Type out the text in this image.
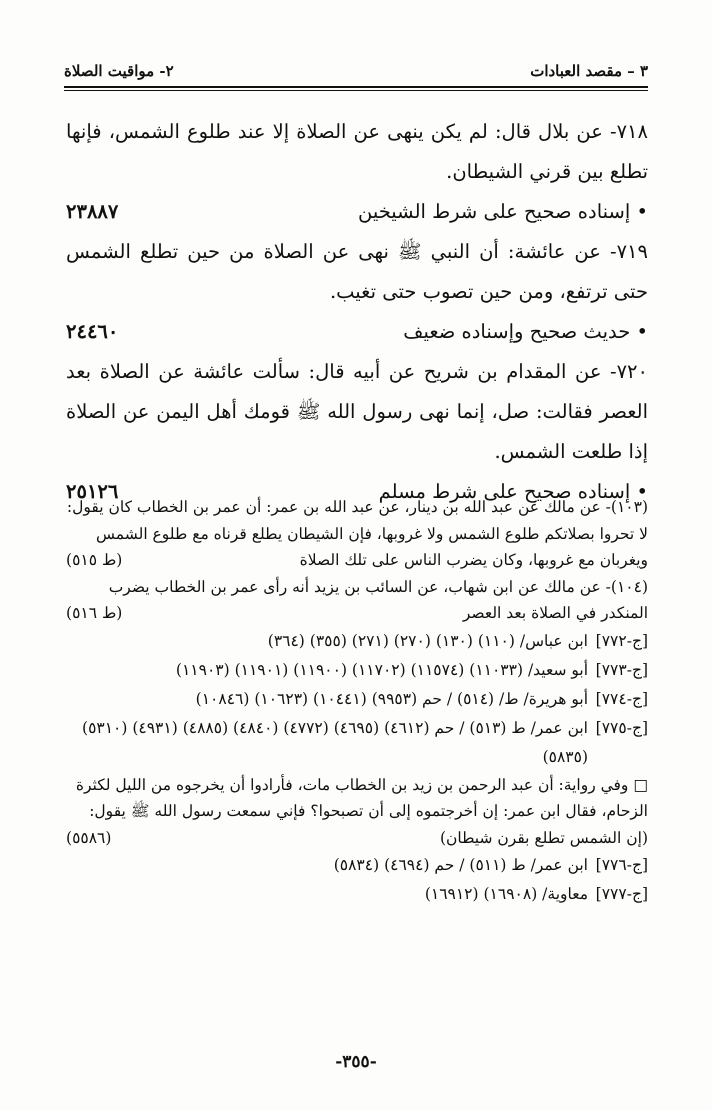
٣ – مقصد العبادات
٢- مواقيت الصلاة

٧١٨- عن بلال قال: لم يكن ينهى عن الصلاة إلا عند طلوع الشمس، فإنها تطلع بين قرني الشيطان.

• إسناده صحيح على شرط الشيخين
٢٣٨٨٧

٧١٩- عن عائشة: أن النبي ﷺ نهى عن الصلاة من حين تطلع الشمس حتى ترتفع، ومن حين تصوب حتى تغيب.

• حديث صحيح وإسناده ضعيف
٢٤٤٦٠

٧٢٠- عن المقدام بن شريح عن أبيه قال: سألت عائشة عن الصلاة بعد العصر فقالت: صل، إنما نهى رسول الله ﷺ قومك أهل اليمن عن الصلاة إذا طلعت الشمس.

• إسناده صحيح على شرط مسلم
٢٥١٢٦

(١٠٣)- عن مالك عن عبد الله بن دينار، عن عبد الله بن عمر: أن عمر بن الخطاب كان يقول: لا تحروا بصلاتكم طلوع الشمس ولا غروبها، فإن الشيطان يطلع قرناه مع طلوع الشمس ويغربان مع غروبها، وكان يضرب الناس على تلك الصلاة

(ط ٥١٥)

(١٠٤)- عن مالك عن ابن شهاب، عن السائب بن يزيد أنه رأى عمر بن الخطاب يضرب المنكدر في الصلاة بعد العصر

(ط ٥١٦)
[ج-٧٧٢]
ابن عباس/ (١١٠) (١٣٠) (٢٧٠) (٢٧١) (٣٥٥) (٣٦٤)
[ج-٧٧٣]
أبو سعيد/ (١١٠٣٣) (١١٥٧٤) (١١٧٠٢) (١١٩٠٠) (١١٩٠١) (١١٩٠٣)
[ج-٧٧٤]
أبو هريرة/ ط/ (٥١٤) / حم (٩٩٥٣) (١٠٤٤١) (١٠٦٢٣) (١٠٨٤٦)
[ج-٧٧٥]
ابن عمر/ ط (٥١٣) / حم (٤٦١٢) (٤٦٩٥) (٤٧٧٢) (٤٨٤٠) (٤٨٨٥) (٤٩٣١) (٥٣١٠) (٥٨٣٥)

□ وفي رواية: أن عبد الرحمن بن زيد بن الخطاب مات، فأرادوا أن يخرجوه من الليل لكثرة الزحام، فقال ابن عمر: إن أخرجتموه إلى أن تصبحوا؟ فإني سمعت رسول الله ﷺ يقول: (إن الشمس تطلع بقرن شيطان)

(٥٥٨٦)
[ج-٧٧٦]
ابن عمر/ ط (٥١١) / حم (٤٦٩٤) (٥٨٣٤)
[ج-٧٧٧]
معاوية/ (١٦٩٠٨) (١٦٩١٢)
-٣٥٥-
